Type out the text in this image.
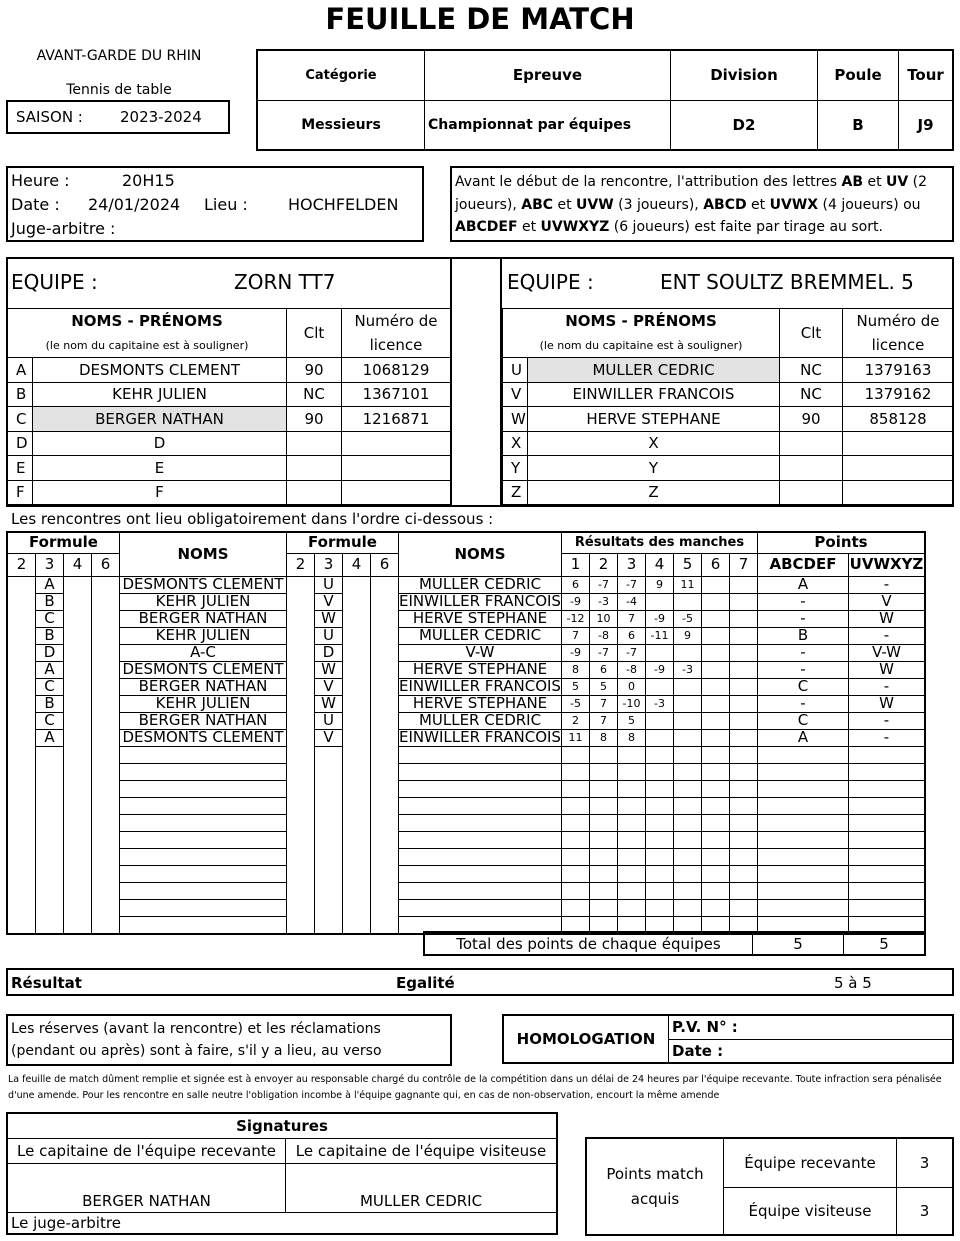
FEUILLE DE MATCH
AVANT-GARDE DU RHIN
Tennis de table
SAISON : 2023-2024
Catégorie	Epreuve	Division	Poule	Tour
Messieurs	Championnat par équipes	D2	B	J9
Heure :	20H15
Date : 24/01/2024 Lieu :	HOCHFELDEN
Juge-arbitre :
Avant le début de la rencontre, l'attribution des lettres AB et UV (2 joueurs), ABC et UVW (3 joueurs), ABCD et UVWX (4 joueurs) ou ABCDEF et UVWXYZ (6 joueurs) est faite par tirage au sort.
EQUIPE :	ZORN TT7
NOMS - PRÉNOMS		Clt	Numéro de
(le nom du capitaine est à souligner)			licence
A	DESMONTS CLEMENT	90	1068129
B	KEHR JULIEN	NC	1367101
C	BERGER NATHAN	90	1216871
D	D		
E	E		
F	F		
EQUIPE :	ENT SOULTZ BREMMEL. 5
NOMS - PRÉNOMS		Clt	Numéro de
(le nom du capitaine est à souligner)			licence
U	MULLER CEDRIC	NC	1379163
V	EINWILLER FRANCOIS	NC	1379162
W	HERVE STEPHANE	90	858128
X	X		
Y	Y		
Z	Z		
Les rencontres ont lieu obligatoirement dans l'ordre ci-dessous :
Formule				NOMS	Formule				NOMS	Résultats des manches							Points	
2	3	4	6		2	3	4	6		1	2	3	4	5	6	7	ABCDEF	UVWXYZ
	A			DESMONTS CLEMENT		U			MULLER CEDRIC	6	-7	-7	9	11			A	-
	B			KEHR JULIEN		V			EINWILLER FRANCOIS	-9	-3	-4					-	V
	C			BERGER NATHAN		W			HERVE STEPHANE	-12	10	7	-9	-5			-	W
	B			KEHR JULIEN		U			MULLER CEDRIC	7	-8	6	-11	9			B	-
	D			A-C		D			V-W	-9	-7	-7					-	V-W
	A			DESMONTS CLEMENT		W			HERVE STEPHANE	8	6	-8	-9	-3			-	W
	C			BERGER NATHAN		V			EINWILLER FRANCOIS	5	5	0					C	-
	B			KEHR JULIEN		W			HERVE STEPHANE	-5	7	-10	-3				-	W
	C			BERGER NATHAN		U			MULLER CEDRIC	2	7	5					C	-
	A			DESMONTS CLEMENT		V			EINWILLER FRANCOIS	11	8	8					A	-

Total des points de chaque équipes	5	5
Résultat	Egalité	5 à 5
Les réserves (avant la rencontre) et les réclamations (pendant ou après) sont à faire, s'il y a lieu, au verso
HOMOLOGATION	P.V. N° :
Date :
La feuille de match dûment remplie et signée est à envoyer au responsable chargé du contrôle de la compétition dans un délai de 24 heures par l'équipe recevante. Toute infraction sera pénalisée d'une amende. Pour les rencontre en salle neutre l'obligation incombe à l'équipe gagnante qui, en cas de non-observation, encourt la même amende
Signatures	
Le capitaine de l'équipe recevante	Le capitaine de l'équipe visiteuse
BERGER NATHAN	MULLER CEDRIC
Le juge-arbitre	
Points match
acquis	Équipe recevante	3
	Équipe visiteuse	3
